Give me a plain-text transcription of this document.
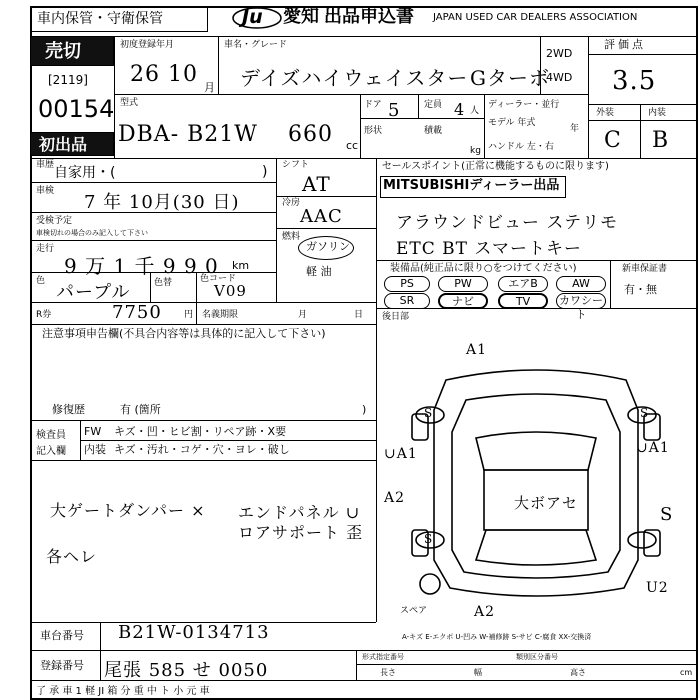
車内保管・守衛保管	Ju 愛知 出品申込書 JAPAN USED CAR DEALERS ASSOCIATION
売切
[2119]
00154
初出品
初度登録年月
26 10
月
車名・グレード
デイズハイウェイスター Gターボ
2WD
4WD
評価点
3.5
型式
DBA- B21W 660 cc
ドア 5	定員 4 人
形状	積載
kg
ディーラー・並行
モデル 年式
年
ハンドル 左・右
外装	内装
C B
車歴 自家用・(	)
車検
7 年 10月(30 日)
受検予定
車検切れの場合のみ記入して下さい
走行
9 万 1 千 9 9 0 km
色
パープル	色替	色コード
V09
シフト
AT
冷房
AAC
燃料
ガソリン
軽 油
R券	7750 円 名義期限	月	日
セールスポイント(正常に機能するものに限ります)
MITSUBISHIディーラー出品
アラウンドビュー ステリモ
ETC BT スマートキー
装備品(純正品に限り○をつけてください)
PS	PW	エアB	AW
SR	ナビ	TV	カワシート
新車保証書
有・無
後日部
注意事項申告欄(不具合内容等は具体的に記入して下さい)
修復歴	有 (箇所	)
検査員 記入欄
FW キズ・凹・ヒビ割・リペア跡・X要
内装 キズ・汚れ・コゲ・穴・ヨレ・破し
大ゲートダンパー × エンドパネル ∪
ロアサポート 歪
各ヘレ
A1
∪A1	∪A1
A2
A2
U2
S	S
S
S
大ボアセ
スペア
A-キズ E-エクボ U-凹み W-補修跡 S-サビ C-腐食 XX-交換済
車台番号 B21W-0134713
登録番号 尾張 585 せ 0050
形式指定番号	類別区分番号
長さ	幅	高さ	cm
了 承 車 1 軽 JI 箱 分 重 中 ト 小 元 車
